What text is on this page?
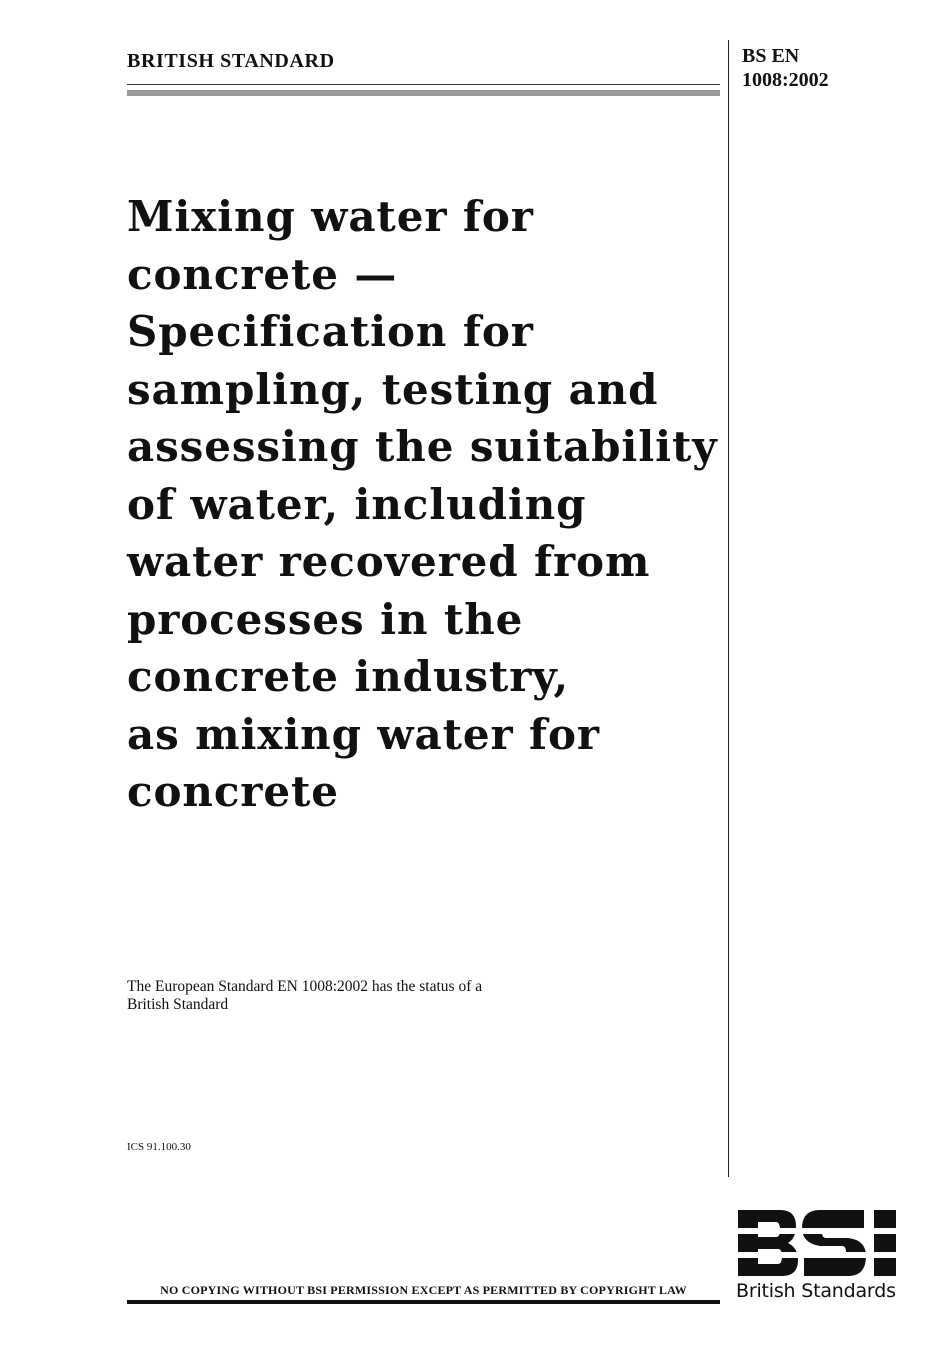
BRITISH STANDARD	BS EN
1008:2002
Mixing water for
concrete —
Specification for
sampling, testing and
assessing the suitability
of water, including
water recovered from
processes in the
concrete industry,
as mixing water for
concrete
The European Standard EN 1008:2002 has the status of a
British Standard
ICS 91.100.30
NO COPYING WITHOUT BSI PERMISSION EXCEPT AS PERMITTED BY COPYRIGHT LAW	British Standards
